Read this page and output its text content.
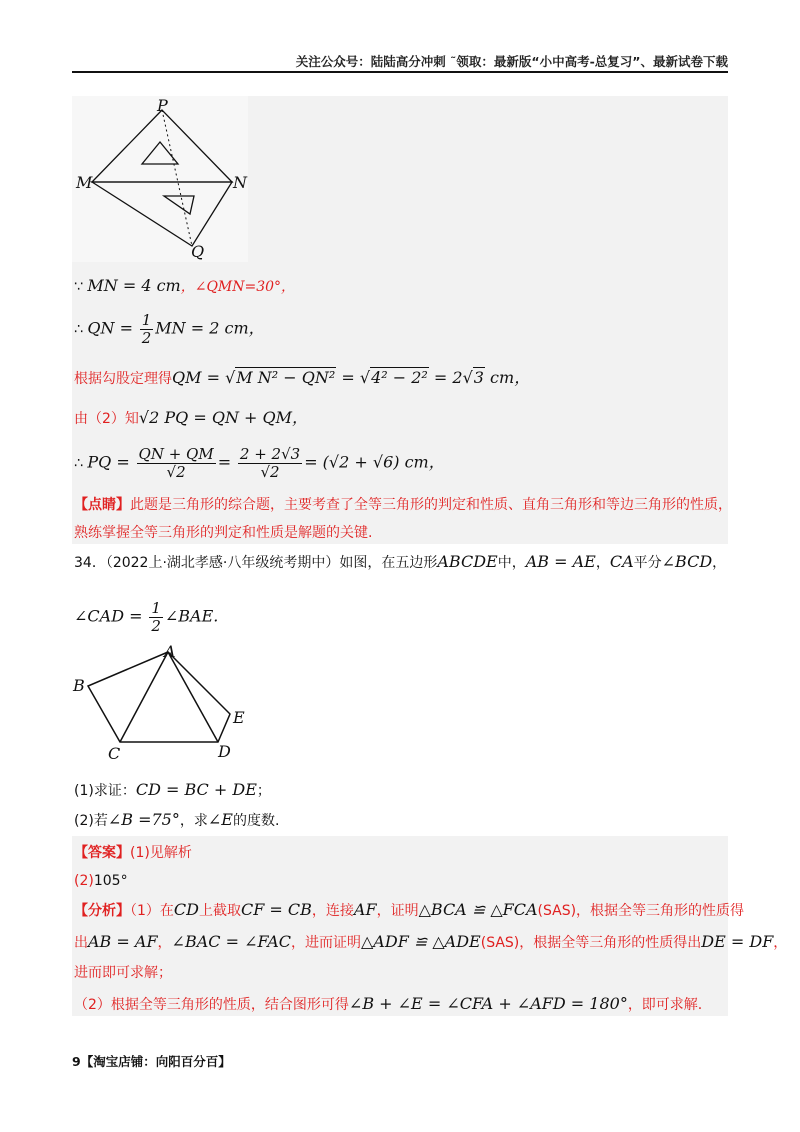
关注公众号：陆陆高分冲刺 ˜领取：最新版“小中高考-总复习”、最新试卷下载
P
M	N
Q
∵ MN = 4 cm，∠QMN=30°，
∴ QN = $\frac{1}{2}$ MN = 2 cm，
根据勾股定理得QM = √M N² − QN² = √4² − 2² = 2√3 cm，
由（2）知√2 PQ = QN + QM，
∴ PQ = $\frac{QN + QM}{√2} = \frac{2 + 2√3}{√2} = (√2 + √6)$ cm，
【点睛】此题是三角形的综合题，主要考查了全等三角形的判定和性质、直角三角形和等边三角形的性质，
熟练掌握全等三角形的判定和性质是解题的关键.
34．（2022上·湖北孝感·八年级统考期中）如图，在五边形ABCDE中，AB = AE，CA平分∠BCD，
∠CAD = $\frac{1}{2}$ ∠BAE.
A
B
C	D
E
(1)求证：CD = BC + DE；
(2)若∠B =75°，求∠E的度数.
【答案】(1)见解析
(2)105°
【分析】（1）在CD上截取CF = CB，连接AF，证明△BCA ≌ △FCA(SAS)，根据全等三角形的性质得
出AB = AF，∠BAC = ∠FAC，进而证明△ADF ≌ △ADE(SAS)，根据全等三角形的性质得出DE = DF，
进而即可求解；
（2）根据全等三角形的性质，结合图形可得∠B + ∠E = ∠CFA + ∠AFD = 180°，即可求解.
9【淘宝店铺：向阳百分百】
